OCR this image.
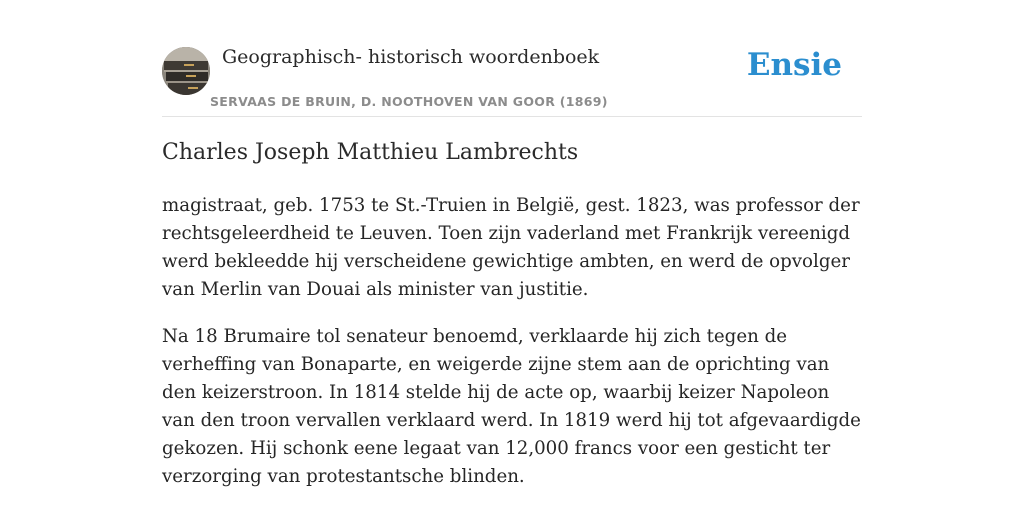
Geographisch- historisch woordenboek
SERVAAS DE BRUIN, D. NOOTHOVEN VAN GOOR (1869)
Ensie
Charles Joseph Matthieu Lambrechts

magistraat, geb. 1753 te St.-Truien in België, gest. 1823, was professor der rechtsgeleerdheid te Leuven. Toen zijn vaderland met Frankrijk vereenigd werd bekleedde hij verscheidene gewichtige ambten, en werd de opvolger van Merlin van Douai als minister van justitie.

Na 18 Brumaire tol senateur benoemd, verklaarde hij zich tegen de verheffing van Bonaparte, en weigerde zijne stem aan de oprichting van den keizerstroon. In 1814 stelde hij de acte op, waarbij keizer Napoleon van den troon vervallen verklaard werd. In 1819 werd hij tot afgevaardigde gekozen. Hij schonk eene legaat van 12,000 francs voor een gesticht ter verzorging van protestantsche blinden.
